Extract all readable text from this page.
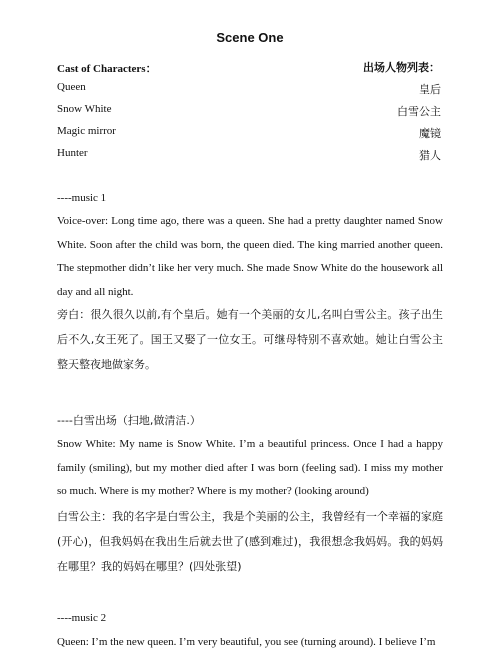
Scene One
Cast of Characters：	出场人物列表：
Queen	皇后
Snow White	白雪公主
Magic mirror	魔镜
Hunter	猎人
----music 1
Voice-over: Long time ago, there was a queen. She had a pretty daughter named Snow White. Soon after the child was born, the queen died. The king married another queen. The stepmother didn’t like her very much. She made Snow White do the housework all day and all night.
旁白：很久很久以前,有个皇后。她有一个美丽的女儿,名叫白雪公主。孩子出生后不久,女王死了。国王又娶了一位女王。可继母特别不喜欢她。她让白雪公主整天整夜地做家务。
----白雪出场（扫地,做清洁.）
Snow White: My name is Snow White. I’m a beautiful princess. Once I had a happy family (smiling), but my mother died after I was born (feeling sad). I miss my mother so much. Where is my mother? Where is my mother? (looking around)
白雪公主：我的名字是白雪公主，我是个美丽的公主，我曾经有一个幸福的家庭(开心)，但我妈妈在我出生后就去世了(感到难过)，我很想念我妈妈。我的妈妈在哪里？我的妈妈在哪里？(四处张望)
----music 2
Queen: I’m the new queen. I’m very beautiful, you see (turning around). I believe I’m
